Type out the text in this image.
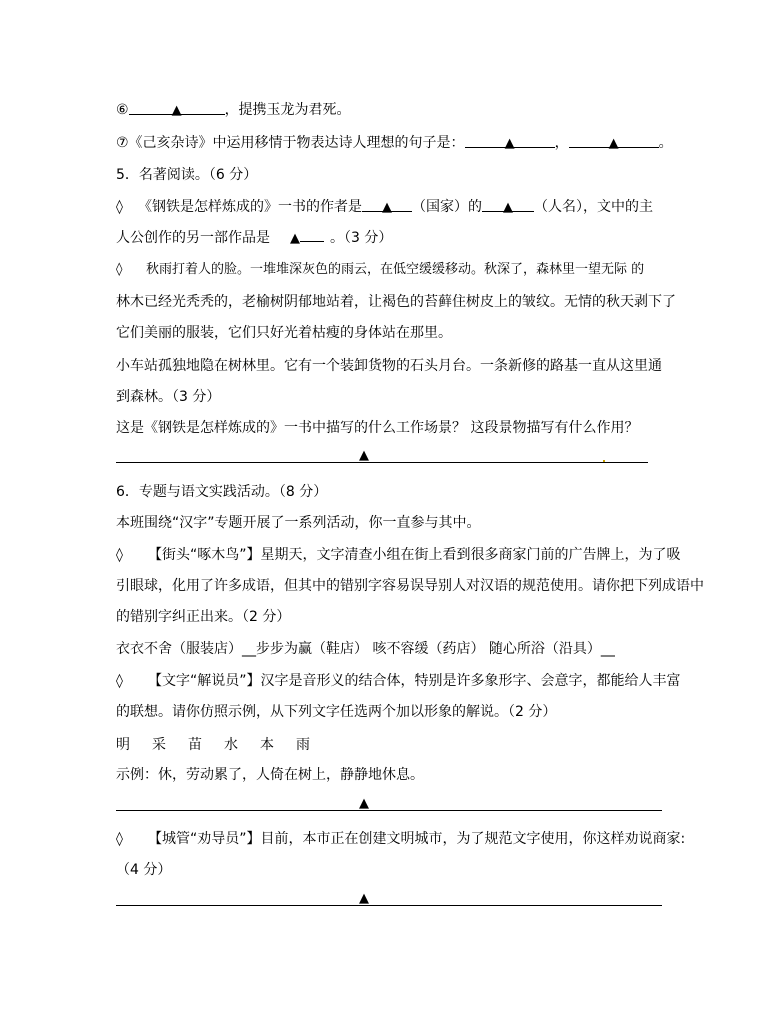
⑥	▲	，提携玉龙为君死。
⑦《己亥杂诗》中运用移情于物表达诗人理想的句子是：	▲	，	▲	。
5．名著阅读。（6 分）
◊ 《钢铁是怎样炼成的》一书的作者是 ▲ （国家）的 ▲ （人名），文中的主
人公创作的另一部作品是 ▲ 。（3 分）
◊ 秋雨打着人的脸。一堆堆深灰色的雨云，在低空缓缓移动。秋深了，森林里一望无际 的
林木已经光秃秃的，老榆树阴郁地站着，让褐色的苔藓住树皮上的皱纹。无情的秋天剥下了
它们美丽的服装，它们只好光着枯瘦的身体站在那里。
小车站孤独地隐在树林里。它有一个装卸货物的石头月台。一条新修的路基一直从这里通
到森林。（3 分）
这是《钢铁是怎样炼成的》一书中描写的什么工作场景？ 这段景物描写有什么作用？
▲
6．专题与语文实践活动。（8 分）
本班围绕“汉字”专题开展了一系列活动，你一直参与其中。
◊ 【街头“啄木鸟”】星期天，文字清查小组在街上看到很多商家门前的广告牌上，为了吸
引眼球，化用了许多成语，但其中的错别字容易误导别人对汉语的规范使用。请你把下列成语中
的错别字纠正出来。（2 分）
衣衣不舍（服装店）__步步为赢（鞋店） 咳不容缓（药店） 随心所浴（沿具）__
◊ 【文字“解说员”】汉字是音形义的结合体，特别是许多象形字、会意字，都能给人丰富
的联想。请你仿照示例，从下列文字任选两个加以形象的解说。（2 分）
明 采 苗 水 本 雨
示例：休，劳动累了，人倚在树上，静静地休息。
▲
◊ 【城管“劝导员”】目前，本市正在创建文明城市，为了规范文字使用，你这样劝说商家:
（4 分）
▲
